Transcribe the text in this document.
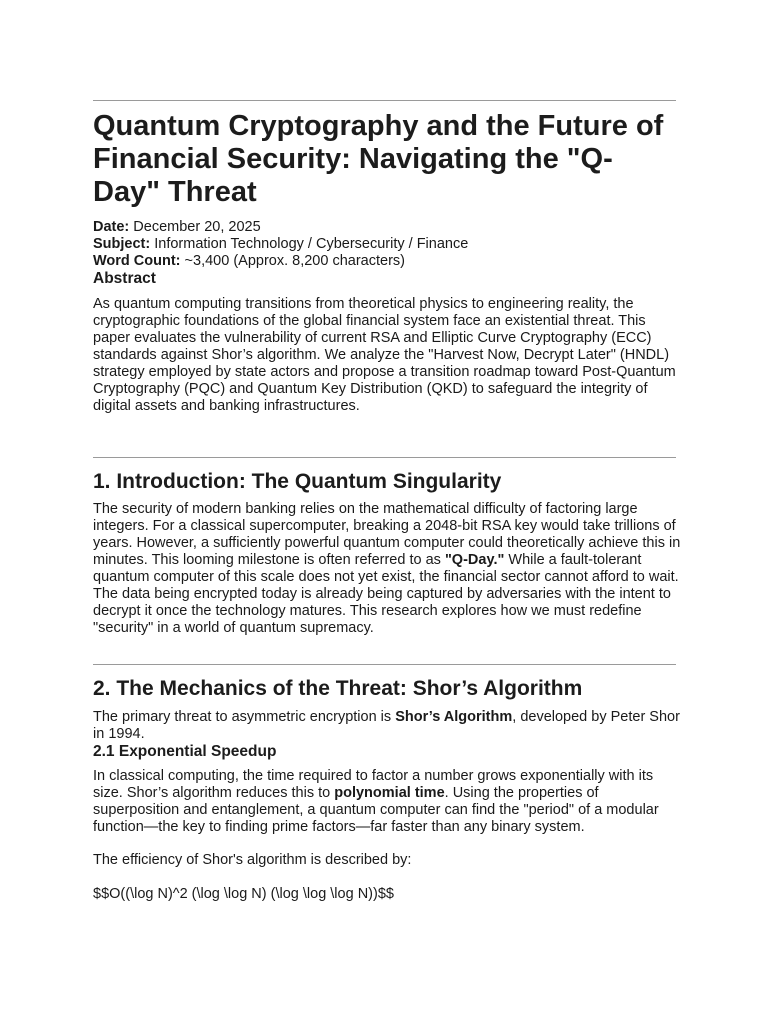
Quantum Cryptography and the Future of Financial Security: Navigating the "Q-Day" Threat
Date: December 20, 2025
Subject: Information Technology / Cybersecurity / Finance
Word Count: ~3,400 (Approx. 8,200 characters)
Abstract

As quantum computing transitions from theoretical physics to engineering reality, the cryptographic foundations of the global financial system face an existential threat. This paper evaluates the vulnerability of current RSA and Elliptic Curve Cryptography (ECC) standards against Shor’s algorithm. We analyze the "Harvest Now, Decrypt Later" (HNDL) strategy employed by state actors and propose a transition roadmap toward Post-Quantum Cryptography (PQC) and Quantum Key Distribution (QKD) to safeguard the integrity of digital assets and banking infrastructures.

1. Introduction: The Quantum Singularity

The security of modern banking relies on the mathematical difficulty of factoring large integers. For a classical supercomputer, breaking a 2048-bit RSA key would take trillions of years. However, a sufficiently powerful quantum computer could theoretically achieve this in minutes. This looming milestone is often referred to as "Q-Day." While a fault-tolerant quantum computer of this scale does not yet exist, the financial sector cannot afford to wait. The data being encrypted today is already being captured by adversaries with the intent to decrypt it once the technology matures. This research explores how we must redefine "security" in a world of quantum supremacy.

2. The Mechanics of the Threat: Shor’s Algorithm

The primary threat to asymmetric encryption is Shor’s Algorithm, developed by Peter Shor in 1994.

2.1 Exponential Speedup

In classical computing, the time required to factor a number grows exponentially with its size. Shor’s algorithm reduces this to polynomial time. Using the properties of superposition and entanglement, a quantum computer can find the "period" of a modular function—the key to finding prime factors—far faster than any binary system.

The efficiency of Shor's algorithm is described by:

$$O((\log N)^2 (\log \log N) (\log \log \log N))$$
